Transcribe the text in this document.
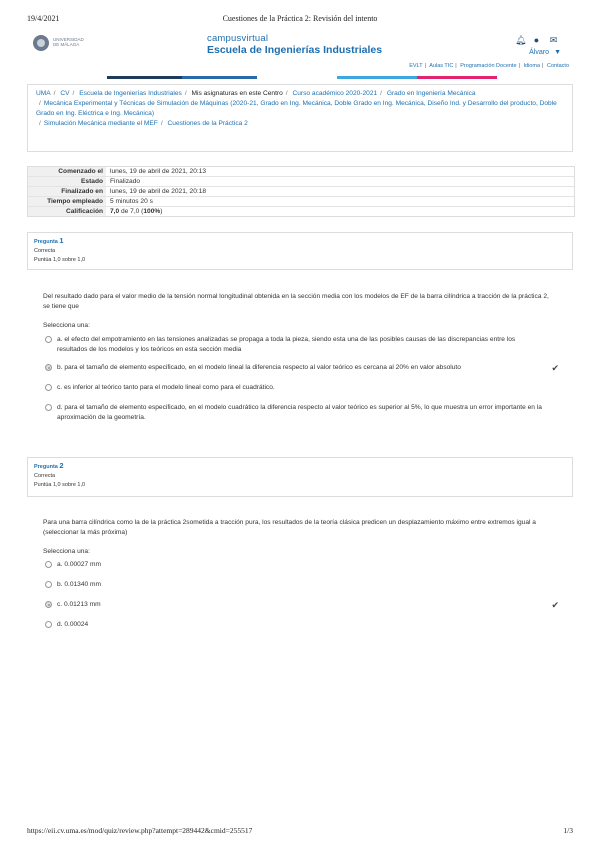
19/4/2021	Cuestiones de la Práctica 2: Revisión del intento
UNIVERSIDAD DE MÁLAGA
campusvirtual
Escuela de Ingenierías Industriales
🔔︎ ● ✉
Álvaro ▼
EVLT | Aulas TIC | Programación Docente | Idioma | Contacto
UMA / CV / Escuela de Ingenierías Industriales / Mis asignaturas en este Centro / Curso académico 2020-2021 / Grado en Ingeniería Mecánica
/ Mecánica Experimental y Técnicas de Simulación de Máquinas (2020-21, Grado en Ing. Mecánica, Doble Grado en Ing. Mecánica, Diseño Ind. y Desarrollo del producto, Doble Grado en Ing. Eléctrica e Ing. Mecánica)
/ Simulación Mecánica mediante el MEF / Cuestiones de la Práctica 2
Comenzado el	lunes, 19 de abril de 2021, 20:13
Estado	Finalizado
Finalizado en	lunes, 19 de abril de 2021, 20:18
Tiempo empleado	5 minutos 20 s
Calificación	7,0 de 7,0 (100%)
Pregunta 1
Correcta
Puntúa 1,0 sobre 1,0
Del resultado dado para el valor medio de la tensión normal longitudinal obtenida en la sección media con los modelos de EF de la barra cilíndrica a tracción de la práctica 2, se tiene que
Selecciona una:
a. el efecto del empotramiento en las tensiones analizadas se propaga a toda la pieza, siendo esta una de las posibles causas de las discrepancias entre los resultados de los modelos y los teóricos en esta sección media
b. para el tamaño de elemento especificado, en el modelo lineal la diferencia respecto al valor teórico es cercana al 20% en valor absoluto	✔
c. es inferior al teórico tanto para el modelo lineal como para el cuadrático.
d. para el tamaño de elemento especificado, en el modelo cuadrático la diferencia respecto al valor teórico es superior al 5%, lo que muestra un error importante en la aproximación de la geometría.
Pregunta 2
Correcta
Puntúa 1,0 sobre 1,0
Para una barra cilíndrica como la de la práctica 2sometida a tracción pura, los resultados de la teoría clásica predicen un desplazamiento máximo entre extremos igual a (seleccionar la más próxima)
Selecciona una:
a. 0.00027 mm
b. 0.01340 mm
c. 0.01213 mm	✔
d. 0.00024
https://eii.cv.uma.es/mod/quiz/review.php?attempt=289442&cmid=255517	1/3
